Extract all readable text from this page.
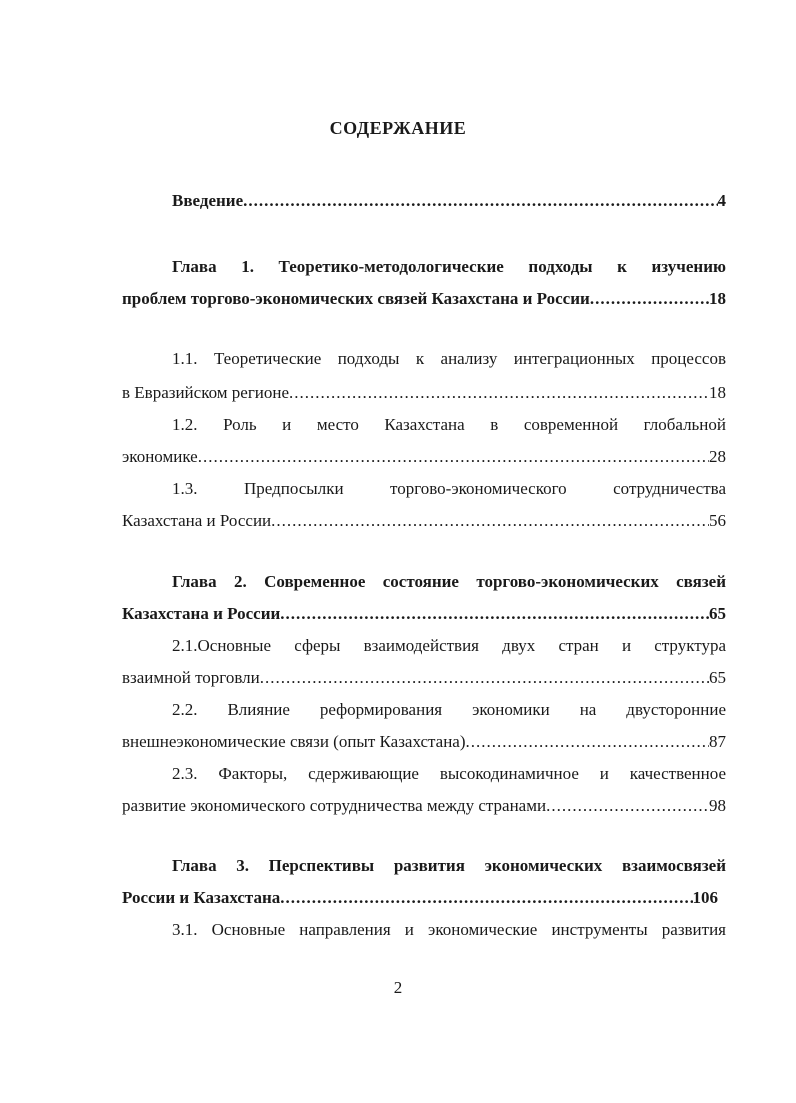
СОДЕРЖАНИЕ
Введение .....	4
Глава 1. Теоретико-методологические подходы к изучению
проблем торгово-экономических связей Казахстана и России .....	18
1.1. Теоретические подходы к анализу интеграционных процессов
в Евразийском регионе .....	18
1.2. Роль и место Казахстана в современной глобальной
экономике .....	28
1.3. Предпосылки торгово-экономического сотрудничества
Казахстана и России .....	56
Глава 2. Современное состояние торгово-экономических связей
Казахстана и России .....	65
2.1.Основные сферы взаимодействия двух стран и структура
взаимной торговли .....	65
2.2. Влияние реформирования экономики на двусторонние
внешнеэкономические связи (опыт Казахстана) .....	87
2.3. Факторы, сдерживающие высокодинамичное и качественное
развитие экономического сотрудничества между странами .....	98
Глава 3. Перспективы развития экономических взаимосвязей
России и Казахстана .....	106
3.1. Основные направления и экономические инструменты развития
2
